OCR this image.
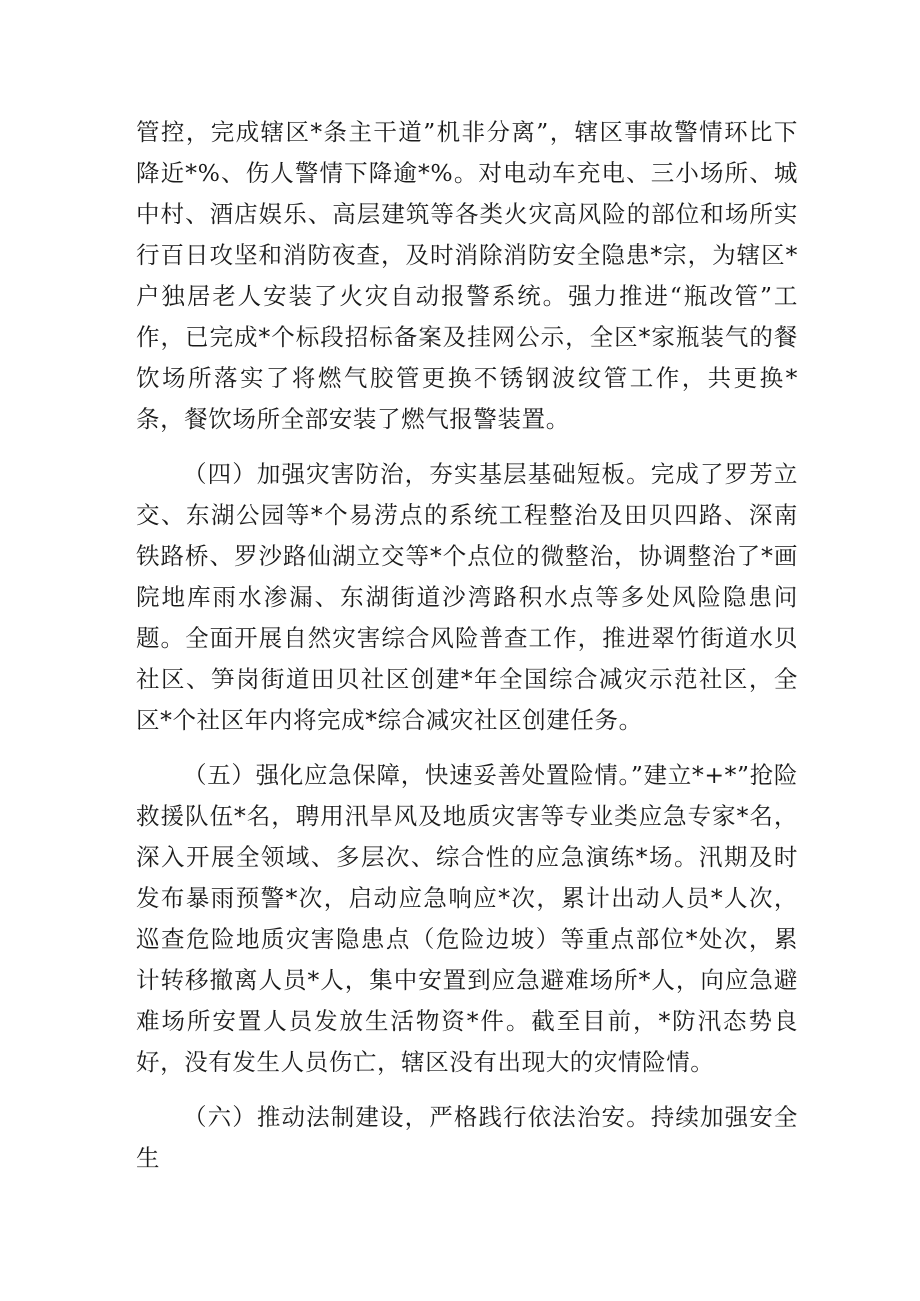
管控，完成辖区*条主干道”机非分离”，辖区事故警情环比下降近*%、伤人警情下降逾*%。对电动车充电、三小场所、城中村、酒店娱乐、高层建筑等各类火灾高风险的部位和场所实行百日攻坚和消防夜查，及时消除消防安全隐患*宗，为辖区*户独居老人安装了火灾自动报警系统。强力推进“瓶改管”工作，已完成*个标段招标备案及挂网公示，全区*家瓶装气的餐饮场所落实了将燃气胶管更换不锈钢波纹管工作，共更换*条，餐饮场所全部安装了燃气报警装置。

（四）加强灾害防治，夯实基层基础短板。完成了罗芳立交、东湖公园等*个易涝点的系统工程整治及田贝四路、深南铁路桥、罗沙路仙湖立交等*个点位的微整治，协调整治了*画院地库雨水渗漏、东湖街道沙湾路积水点等多处风险隐患问题。全面开展自然灾害综合风险普查工作，推进翠竹街道水贝社区、笋岗街道田贝社区创建*年全国综合减灾示范社区，全区*个社区年内将完成*综合减灾社区创建任务。

（五）强化应急保障，快速妥善处置险情。”建立*+*”抢险救援队伍*名，聘用汛旱风及地质灾害等专业类应急专家*名，深入开展全领域、多层次、综合性的应急演练*场。汛期及时发布暴雨预警*次，启动应急响应*次，累计出动人员*人次，巡查危险地质灾害隐患点（危险边坡）等重点部位*处次，累计转移撤离人员*人，集中安置到应急避难场所*人，向应急避难场所安置人员发放生活物资*件。截至目前，*防汛态势良好，没有发生人员伤亡，辖区没有出现大的灾情险情。

（六）推动法制建设，严格践行依法治安。持续加强安全生
